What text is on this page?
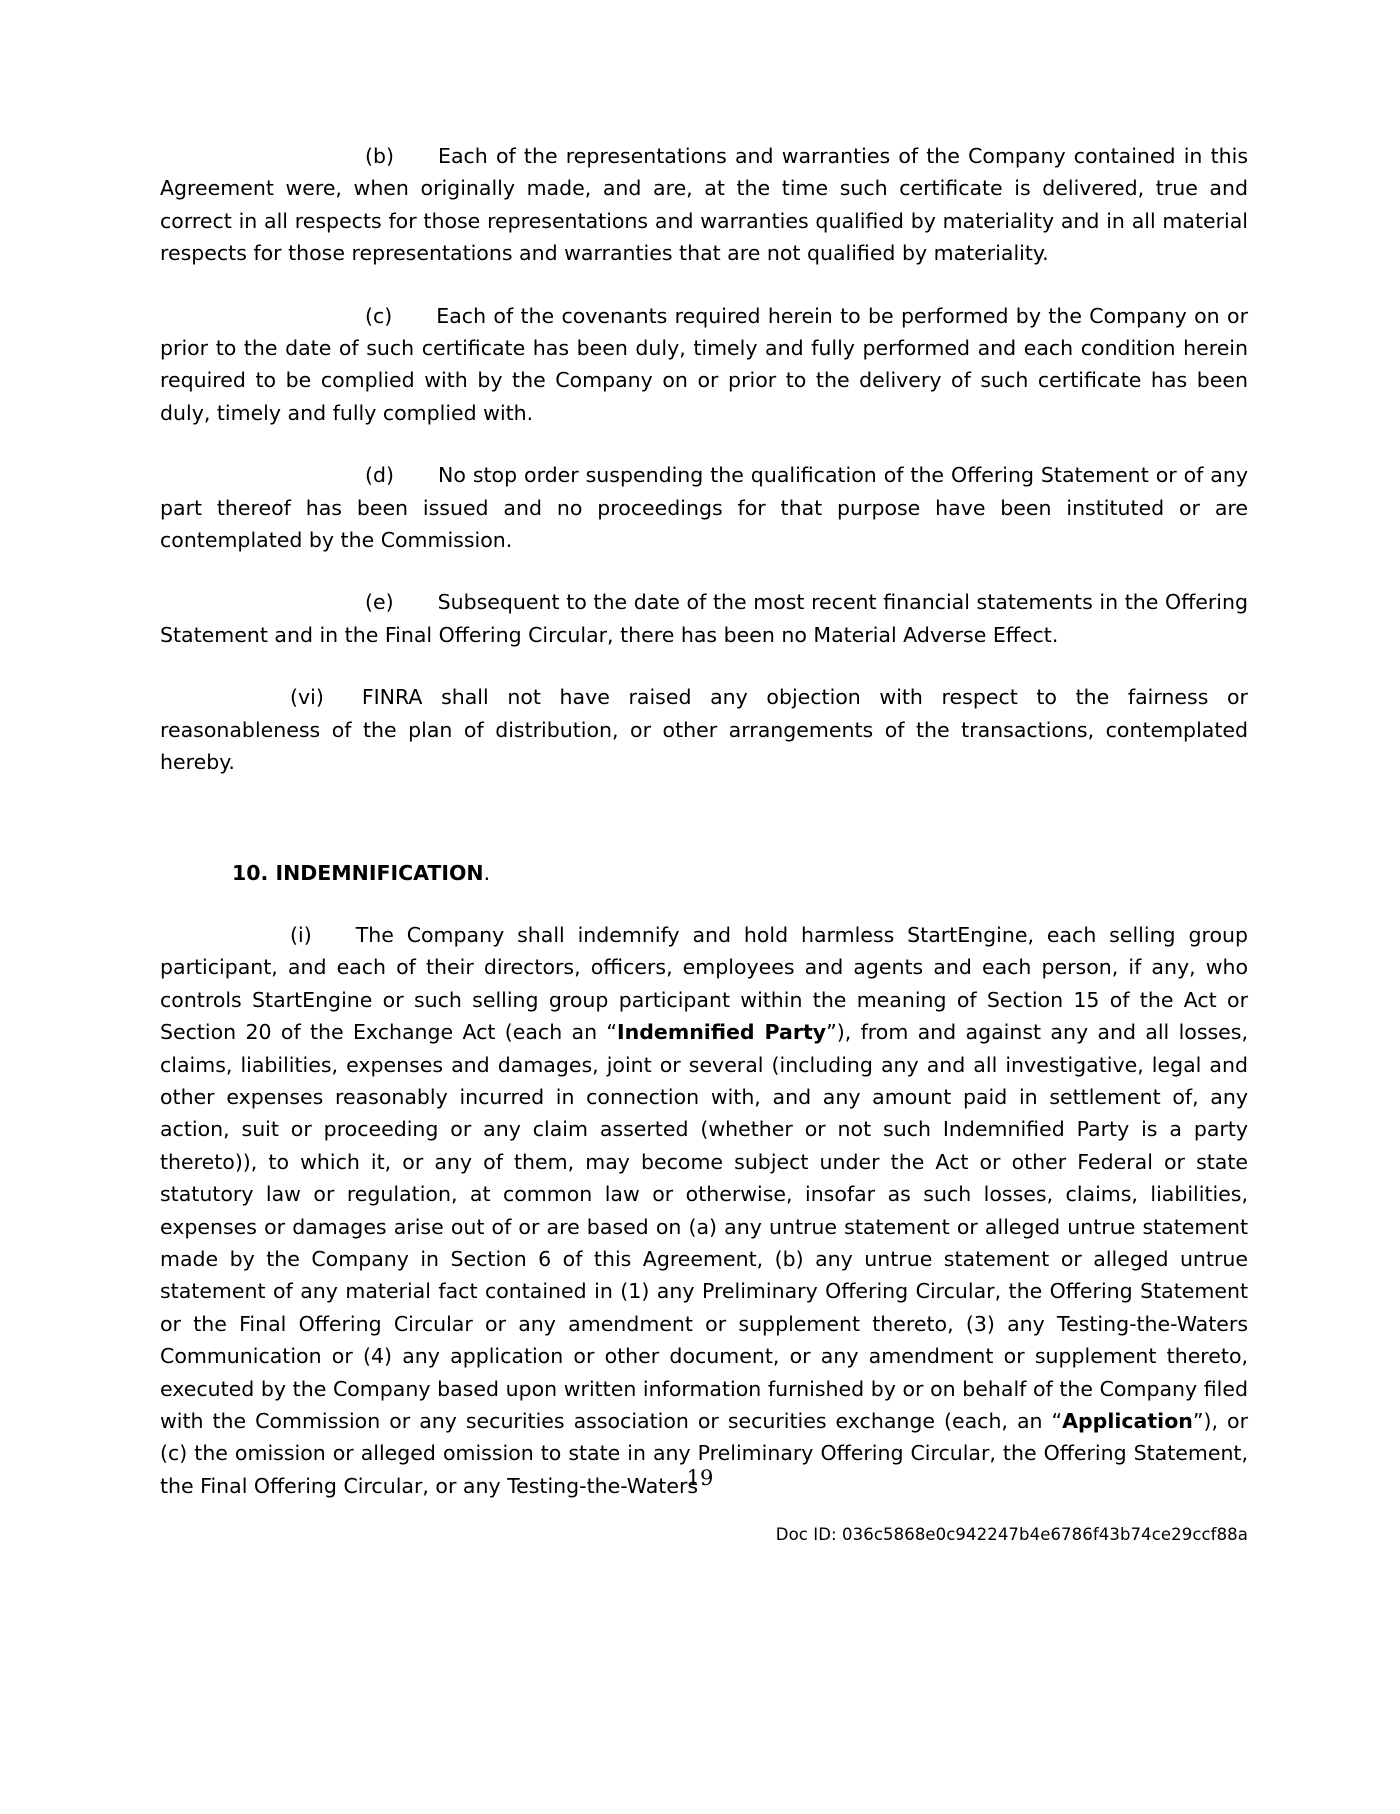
(b) Each of the representations and warranties of the Company contained in this Agreement were, when originally made, and are, at the time such certificate is delivered, true and correct in all respects for those representations and warranties qualified by materiality and in all material respects for those representations and warranties that are not qualified by materiality.

(c) Each of the covenants required herein to be performed by the Company on or prior to the date of such certificate has been duly, timely and fully performed and each condition herein required to be complied with by the Company on or prior to the delivery of such certificate has been duly, timely and fully complied with.

(d) No stop order suspending the qualification of the Offering Statement or of any part thereof has been issued and no proceedings for that purpose have been instituted or are contemplated by the Commission.

(e) Subsequent to the date of the most recent financial statements in the Offering Statement and in the Final Offering Circular, there has been no Material Adverse Effect.

(vi) FINRA shall not have raised any objection with respect to the fairness or reasonableness of the plan of distribution, or other arrangements of the transactions, contemplated hereby.

10. INDEMNIFICATION.

(i) The Company shall indemnify and hold harmless StartEngine, each selling group participant, and each of their directors, officers, employees and agents and each person, if any, who controls StartEngine or such selling group participant within the meaning of Section 15 of the Act or Section 20 of the Exchange Act (each an “Indemnified Party”), from and against any and all losses, claims, liabilities, expenses and damages, joint or several (including any and all investigative, legal and other expenses reasonably incurred in connection with, and any amount paid in settlement of, any action, suit or proceeding or any claim asserted (whether or not such Indemnified Party is a party thereto)), to which it, or any of them, may become subject under the Act or other Federal or state statutory law or regulation, at common law or otherwise, insofar as such losses, claims, liabilities, expenses or damages arise out of or are based on (a) any untrue statement or alleged untrue statement made by the Company in Section 6 of this Agreement, (b) any untrue statement or alleged untrue statement of any material fact contained in (1) any Preliminary Offering Circular, the Offering Statement or the Final Offering Circular or any amendment or supplement thereto, (3) any Testing-the-Waters Communication or (4) any application or other document, or any amendment or supplement thereto, executed by the Company based upon written information furnished by or on behalf of the Company filed with the Commission or any securities association or securities exchange (each, an “Application”), or (c) the omission or alleged omission to state in any Preliminary Offering Circular, the Offering Statement, the Final Offering Circular, or any Testing-the-Waters

19
Doc ID: 036c5868e0c942247b4e6786f43b74ce29ccf88a
